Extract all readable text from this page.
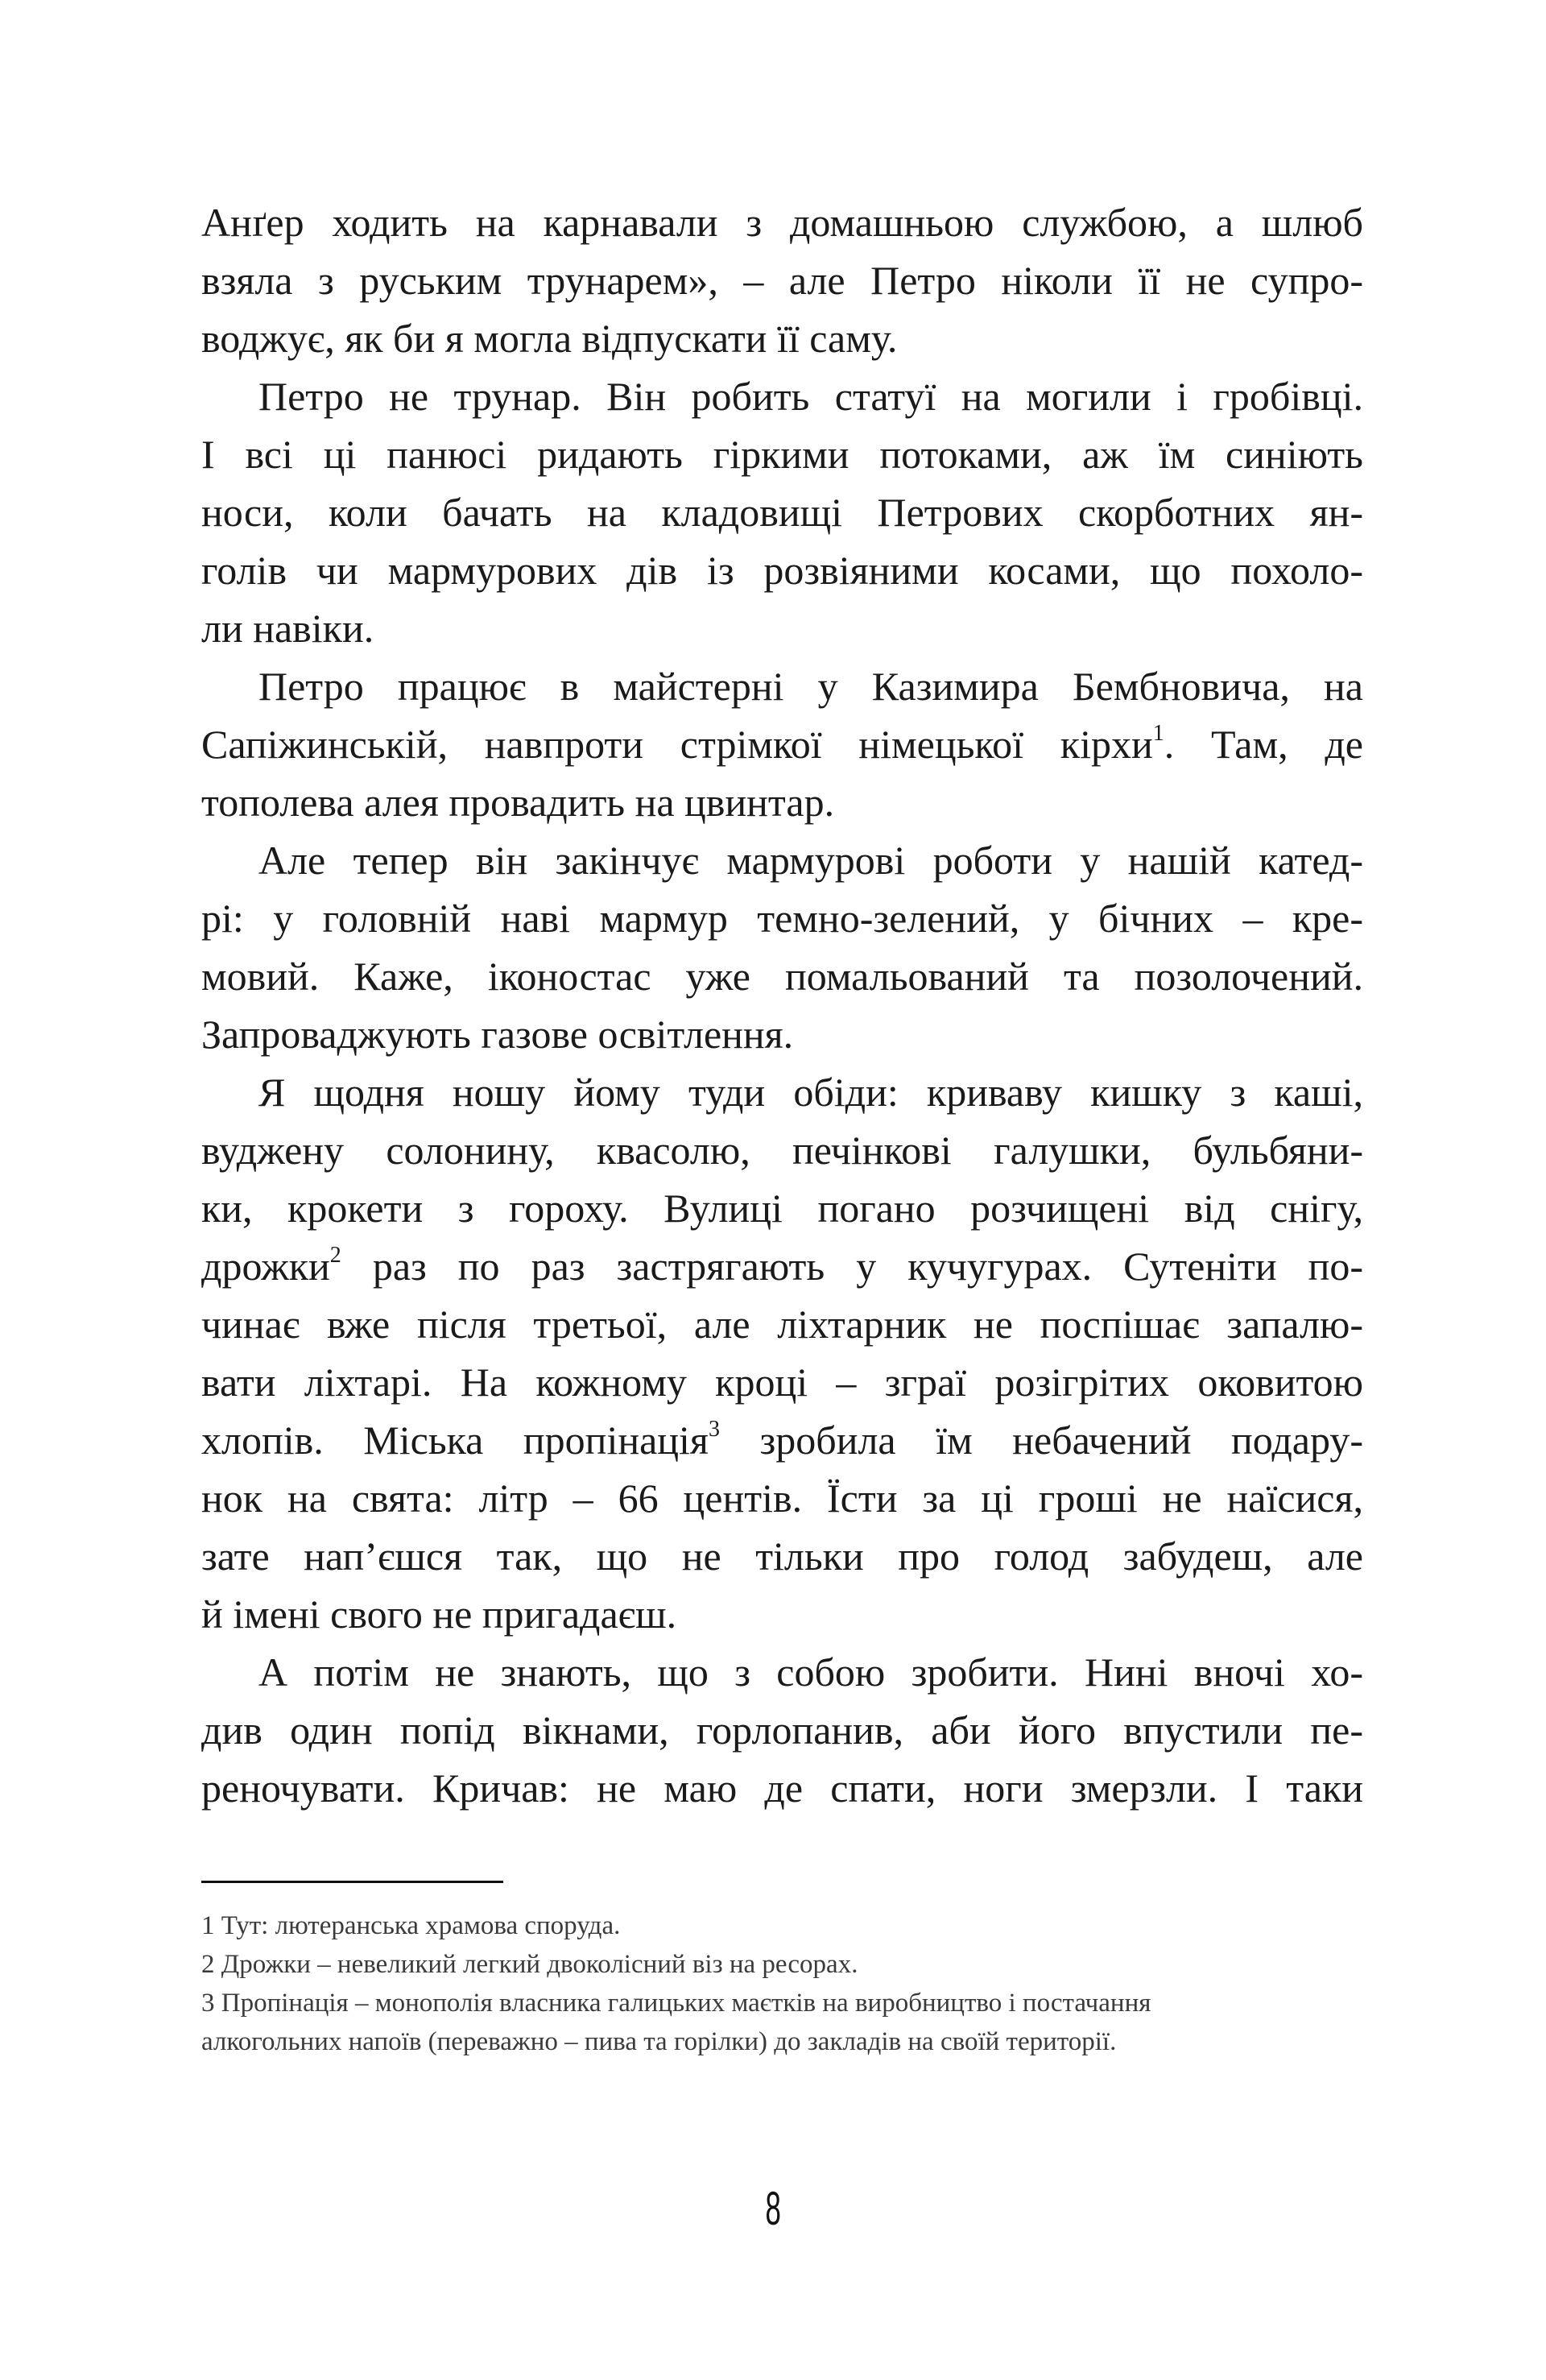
Анґер ходить на карнавали з домашньою службою, а шлюб
взяла з руським трунарем», – але Петро ніколи її не супро-
воджує, як би я могла відпускати її саму.
Петро не трунар. Він робить статуї на могили і гробівці.
І всі ці панюсі ридають гіркими потоками, аж їм синіють
носи, коли бачать на кладовищі Петрових скорботних ян-
голів чи мармурових дів із розвіяними косами, що похоло-
ли навіки.
Петро працює в майстерні у Казимира Бембновича, на
Сапіжинській, навпроти стрімкої німецької кірхи$^1$. Там, де
тополева алея провадить на цвинтар.
Але тепер він закінчує мармурові роботи у нашій катед-
рі: у головній наві мармур темно-зелений, у бічних – кре-
мовий. Каже, іконостас уже помальований та позолочений.
Запроваджують газове освітлення.
Я щодня ношу йому туди обіди: криваву кишку з каші,
вуджену солонину, квасолю, печінкові галушки, бульбяни-
ки, крокети з гороху. Вулиці погано розчищені від снігу,
дрожки$^2$ раз по раз застрягають у кучугурах. Сутеніти по-
чинає вже після третьої, але ліхтарник не поспішає запалю-
вати ліхтарі. На кожному кроці – зграї розігрітих оковитою
хлопів. Міська пропінація$^3$ зробила їм небачений подару-
нок на свята: літр – 66 центів. Їсти за ці гроші не наїсися,
зате нап’єшся так, що не тільки про голод забудеш, але
й імені свого не пригадаєш.
А потім не знають, що з собою зробити. Нині вночі хо-
див один попід вікнами, горлопанив, аби його впустили пе-
реночувати. Кричав: не маю де спати, ноги змерзли. І таки
1 Тут: лютеранська храмова споруда.
2 Дрожки – невеликий легкий двоколісний віз на ресорах.
3 Пропінація – монополія власника галицьких маєтків на виробництво і постачання
алкогольних напоїв (переважно – пива та горілки) до закладів на своїй території.
8
